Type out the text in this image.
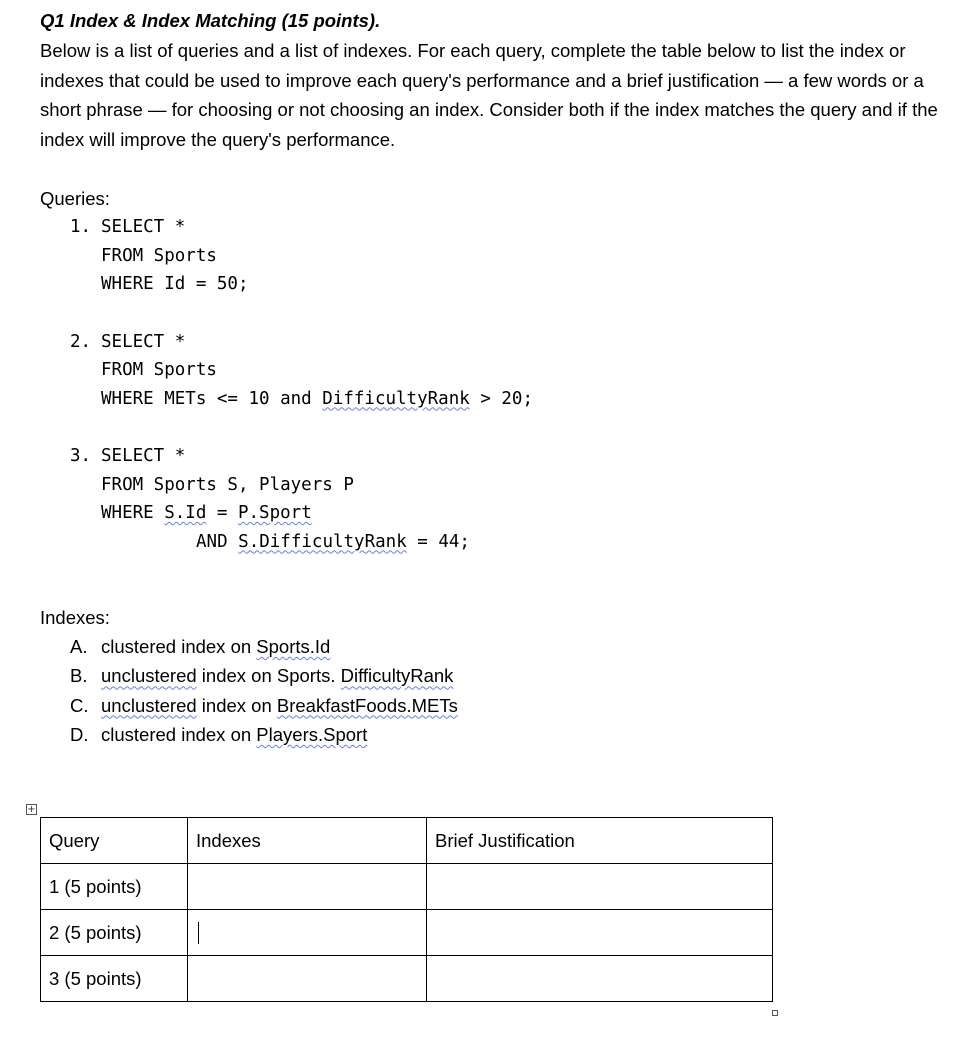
Q1 Index & Index Matching (15 points).

Below is a list of queries and a list of indexes. For each query, complete the table below to list the index or indexes that could be used to improve each query's performance and a brief justification — a few words or a short phrase — for choosing or not choosing an index. Consider both if the index matches the query and if the index will improve the query's performance.

Queries:

1. SELECT *
FROM Sports
WHERE Id = 50;
2. SELECT *
FROM Sports
WHERE METs <= 10 and DifficultyRank > 20;
3. SELECT *
FROM Sports S, Players P
WHERE S.Id = P.Sport
AND S.DifficultyRank = 44;

Indexes:

A. clustered index on Sports.Id
B. unclustered index on Sports. DifficultyRank
C. unclustered index on BreakfastFoods.METs
D. clustered index on Players.Sport
+
Query	Indexes	Brief Justification
1 (5 points)		
2 (5 points)		
3 (5 points)		
